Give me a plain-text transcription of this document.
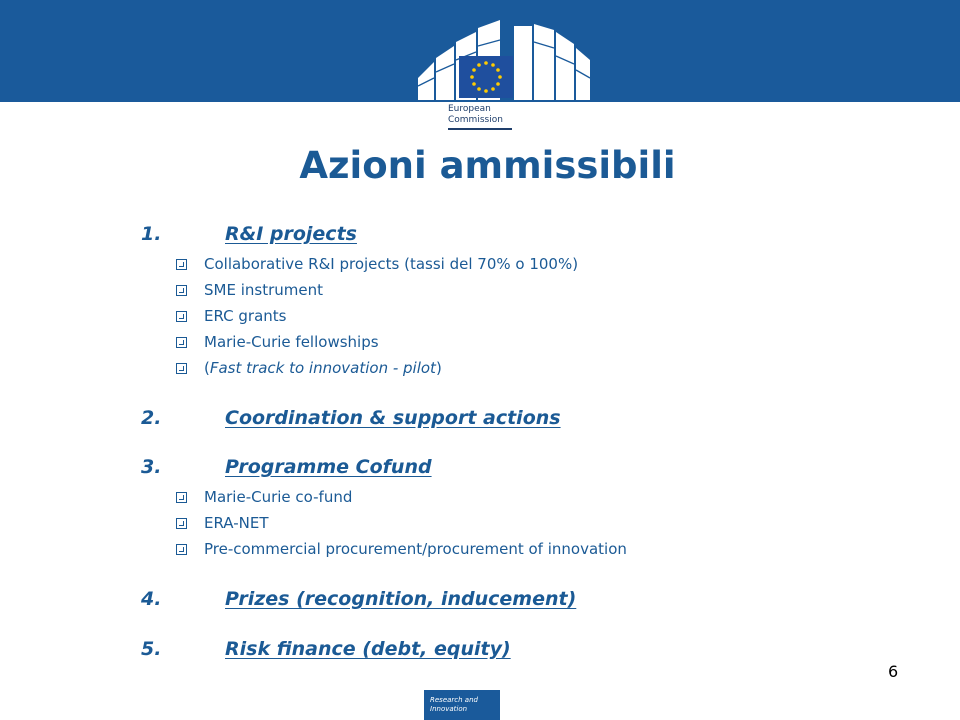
European
Commission
Azioni ammissibili
1.	R&I projects
Collaborative R&I projects (tassi del 70% o 100%)
SME instrument
ERC grants
Marie-Curie fellowships
( Fast track to innovation - pilot )
2.	Coordination & support actions
3.	Programme Cofund
Marie-Curie co-fund
ERA-NET
Pre-commercial procurement/procurement of innovation
4.	Prizes (recognition, inducement)
5.	Risk finance (debt, equity)
6
Research and
Innovation
